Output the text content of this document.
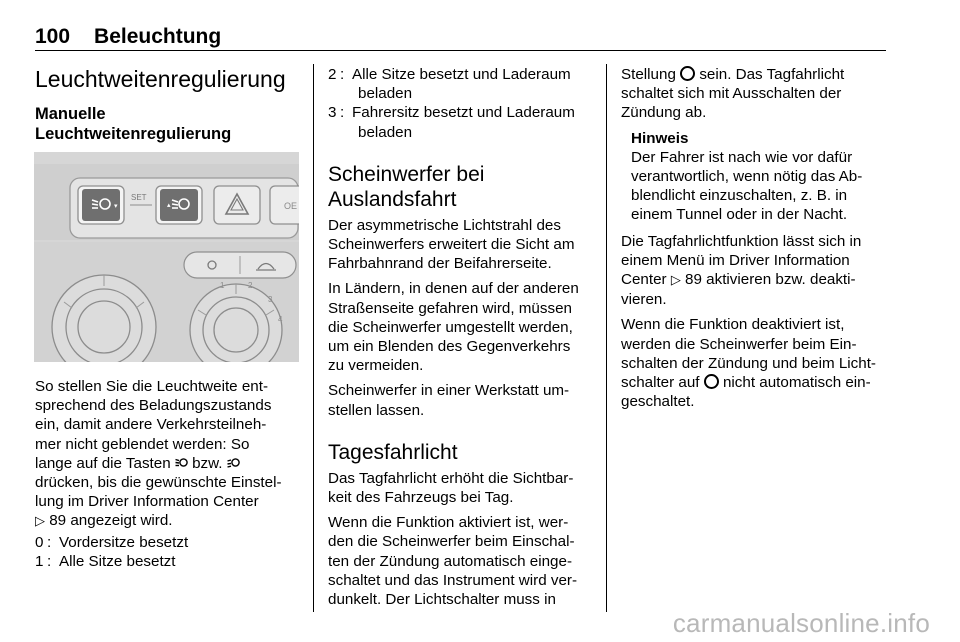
100 Beleuchtung
Leuchtweitenregulierung
Manuelle
Leuchtweitenregulierung
▾
SET
▴	OE
1	2
3
4

So stellen Sie die Leuchtweite ent-

sprechend des Beladungszustands

ein, damit andere Verkehrsteilneh-

mer nicht geblendet werden: So

lange auf die Tasten  bzw.

drücken, bis die gewünschte Einstel-

lung im Driver Information Center

▷ 89 angezeigt wird.

0 : Vordersitze besetzt
1 : Alle Sitze besetzt
2 : Alle Sitze besetzt und Laderaum
beladen
3 : Fahrersitz besetzt und Laderaum
beladen
Scheinwerfer bei
Auslandsfahrt

Der asymmetrische Lichtstrahl des

Scheinwerfers erweitert die Sicht am

Fahrbahnrand der Beifahrerseite.

In Ländern, in denen auf der anderen

Straßenseite gefahren wird, müssen

die Scheinwerfer umgestellt werden,

um ein Blenden des Gegenverkehrs

zu vermeiden.

Scheinwerfer in einer Werkstatt um-

stellen lassen.

Tagesfahrlicht

Das Tagfahrlicht erhöht die Sichtbar-

keit des Fahrzeugs bei Tag.

Wenn die Funktion aktiviert ist, wer-

den die Scheinwerfer beim Einschal-

ten der Zündung automatisch einge-

schaltet und das Instrument wird ver-

dunkelt. Der Lichtschalter muss in

Stellung  sein. Das Tagfahrlicht

schaltet sich mit Ausschalten der

Zündung ab.

Hinweis

Der Fahrer ist nach wie vor dafür

verantwortlich, wenn nötig das Ab-

blendlicht einzuschalten, z. B. in

einem Tunnel oder in der Nacht.

Die Tagfahrlichtfunktion lässt sich in

einem Menü im Driver Information

Center ▷ 89 aktivieren bzw. deakti-

vieren.

Wenn die Funktion deaktiviert ist,

werden die Scheinwerfer beim Ein-

schalten der Zündung und beim Licht-

schalter auf  nicht automatisch ein-

geschaltet.

carmanualsonline.info
